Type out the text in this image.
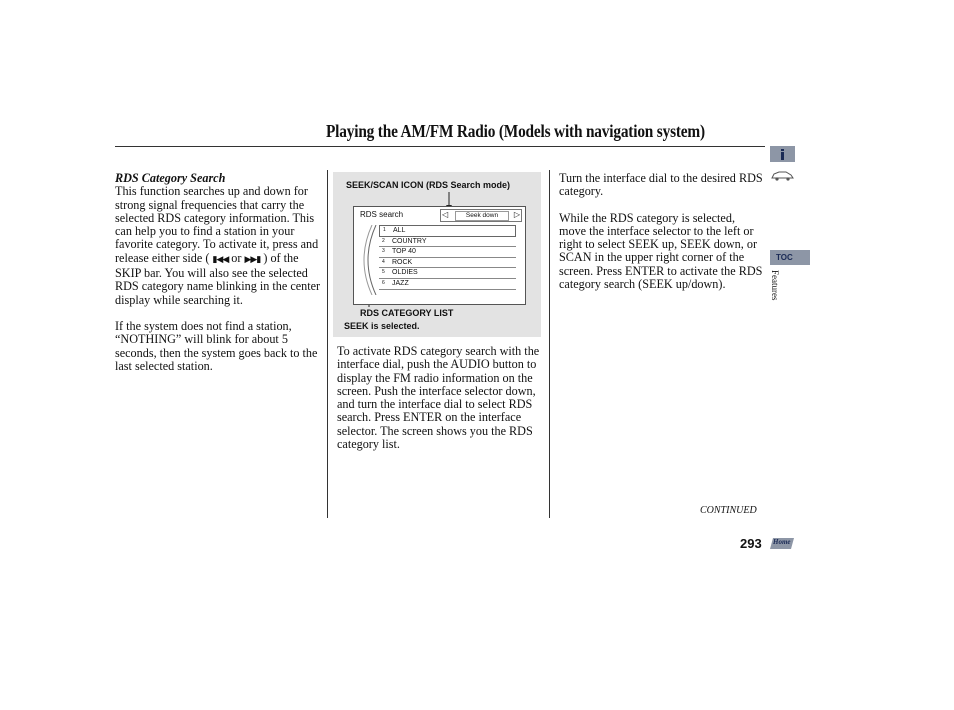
Playing the AM/FM Radio (Models with navigation system)

RDS Category Search

This function searches up and down for strong signal frequencies that carry the selected RDS category information. This can help you to find a station in your favorite category. To activate it, press and release either side ( ▮◀◀ or ▶▶▮ ) of the SKIP bar. You will also see the selected RDS category name blinking in the center display while searching it.

If the system does not find a station, “NOTHING” will blink for about 5 seconds, then the system goes back to the last selected station.

SEEK/SCAN ICON (RDS Search mode)
RDS search	◁	Seek down	▷
1 ALL
2 COUNTRY
3 TOP 40
4 ROCK
5 OLDIES
6 JAZZ
RDS CATEGORY LIST
SEEK is selected.

To activate RDS category search with the interface dial, push the AUDIO button to display the FM radio information on the screen. Push the interface selector down, and turn the interface dial to select RDS search. Press ENTER on the interface selector. The screen shows you the RDS category list.

Turn the interface dial to the desired RDS category.

While the RDS category is selected, move the interface selector to the left or right to select SEEK up, SEEK down, or SCAN in the upper right corner of the screen. Press ENTER to activate the RDS category search (SEEK up/down).

TOC
Features
CONTINUED
293 Home
